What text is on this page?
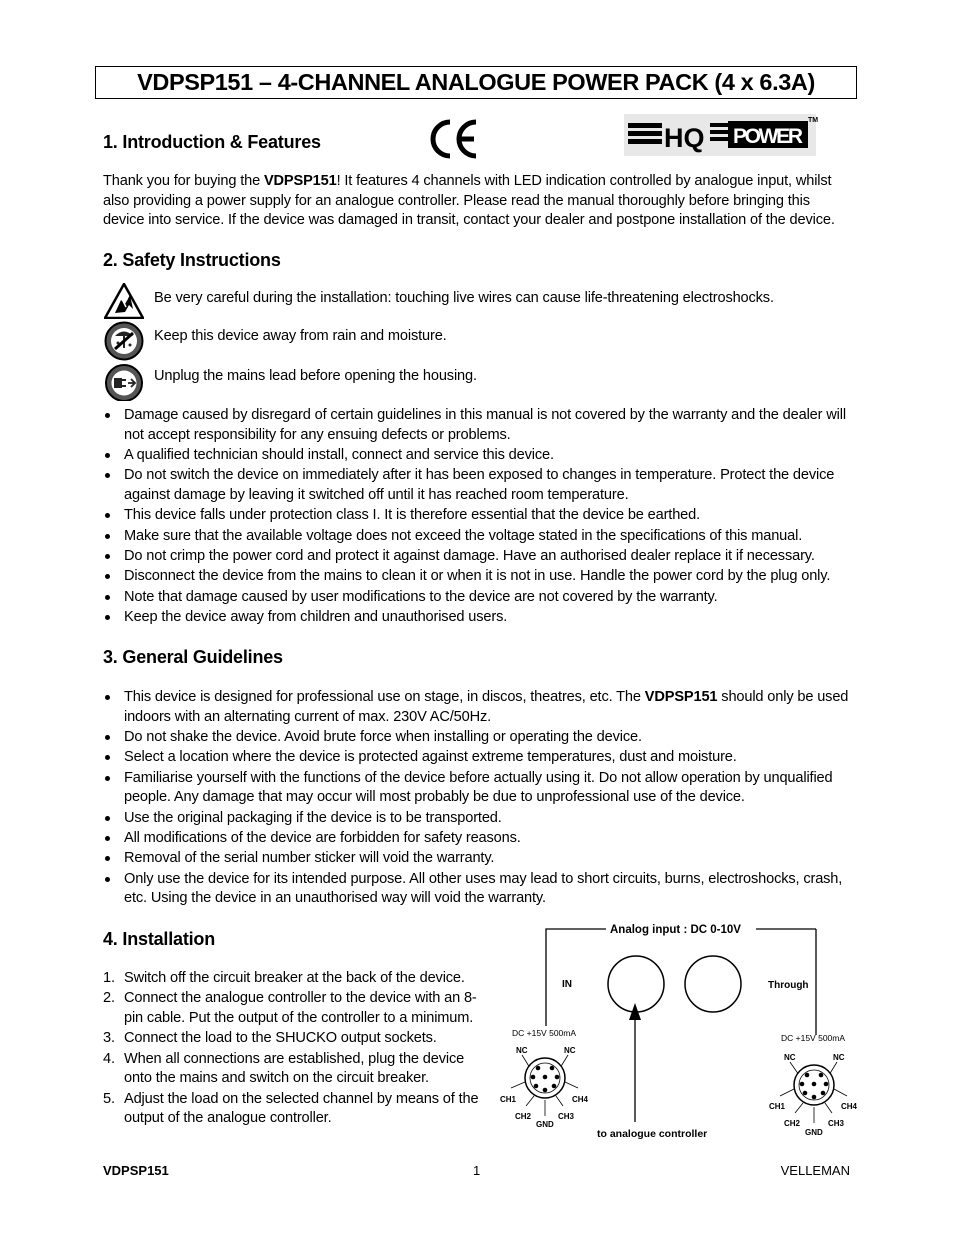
VDPSP151 – 4-CHANNEL ANALOGUE POWER PACK (4 x 6.3A)
1. Introduction & Features	HQ POWER
TM
Thank you for buying the VDPSP151! It features 4 channels with LED indication controlled by analogue input, whilst also providing a power supply for an analogue controller. Please read the manual thoroughly before bringing this device into service. If the device was damaged in transit, contact your dealer and postpone installation of the device.
2. Safety Instructions
Be very careful during the installation: touching live wires can cause life-threatening electroshocks.
Keep this device away from rain and moisture.
Unplug the mains lead before opening the housing.
Damage caused by disregard of certain guidelines in this manual is not covered by the warranty and the dealer will not accept responsibility for any ensuing defects or problems.
A qualified technician should install, connect and service this device.
Do not switch the device on immediately after it has been exposed to changes in temperature. Protect the device against damage by leaving it switched off until it has reached room temperature.
This device falls under protection class I. It is therefore essential that the device be earthed.
Make sure that the available voltage does not exceed the voltage stated in the specifications of this manual.
Do not crimp the power cord and protect it against damage. Have an authorised dealer replace it if necessary.
Disconnect the device from the mains to clean it or when it is not in use. Handle the power cord by the plug only.
Note that damage caused by user modifications to the device are not covered by the warranty.
Keep the device away from children and unauthorised users.
3. General Guidelines
This device is designed for professional use on stage, in discos, theatres, etc. The VDPSP151 should only be used indoors with an alternating current of max. 230V AC/50Hz.
Do not shake the device. Avoid brute force when installing or operating the device.
Select a location where the device is protected against extreme temperatures, dust and moisture.
Familiarise yourself with the functions of the device before actually using it. Do not allow operation by unqualified people. Any damage that may occur will most probably be due to unprofessional use of the device.
Use the original packaging if the device is to be transported.
All modifications of the device are forbidden for safety reasons.
Removal of the serial number sticker will void the warranty.
Only use the device for its intended purpose. All other uses may lead to short circuits, burns, electroshocks, crash, etc. Using the device in an unauthorised way will void the warranty.
4. Installation
1. Switch off the circuit breaker at the back of the device.
2. Connect the analogue controller to the device with an 8-pin cable. Put the output of the controller to a minimum.
3. Connect the load to the SHUCKO output sockets.
4. When all connections are established, plug the device onto the mains and switch on the circuit breaker.
5. Adjust the load on the selected channel by means of the output of the analogue controller.
Analog input : DC 0-10V
IN	Through
to analogue controller
DC +15V 500mA
NC	NC
CH1	CH4
CH2	CH3
GND
DC +15V 500mA
NC	NC
CH1	CH4
CH2	CH3
GND
VDPSP151	1	VELLEMAN
